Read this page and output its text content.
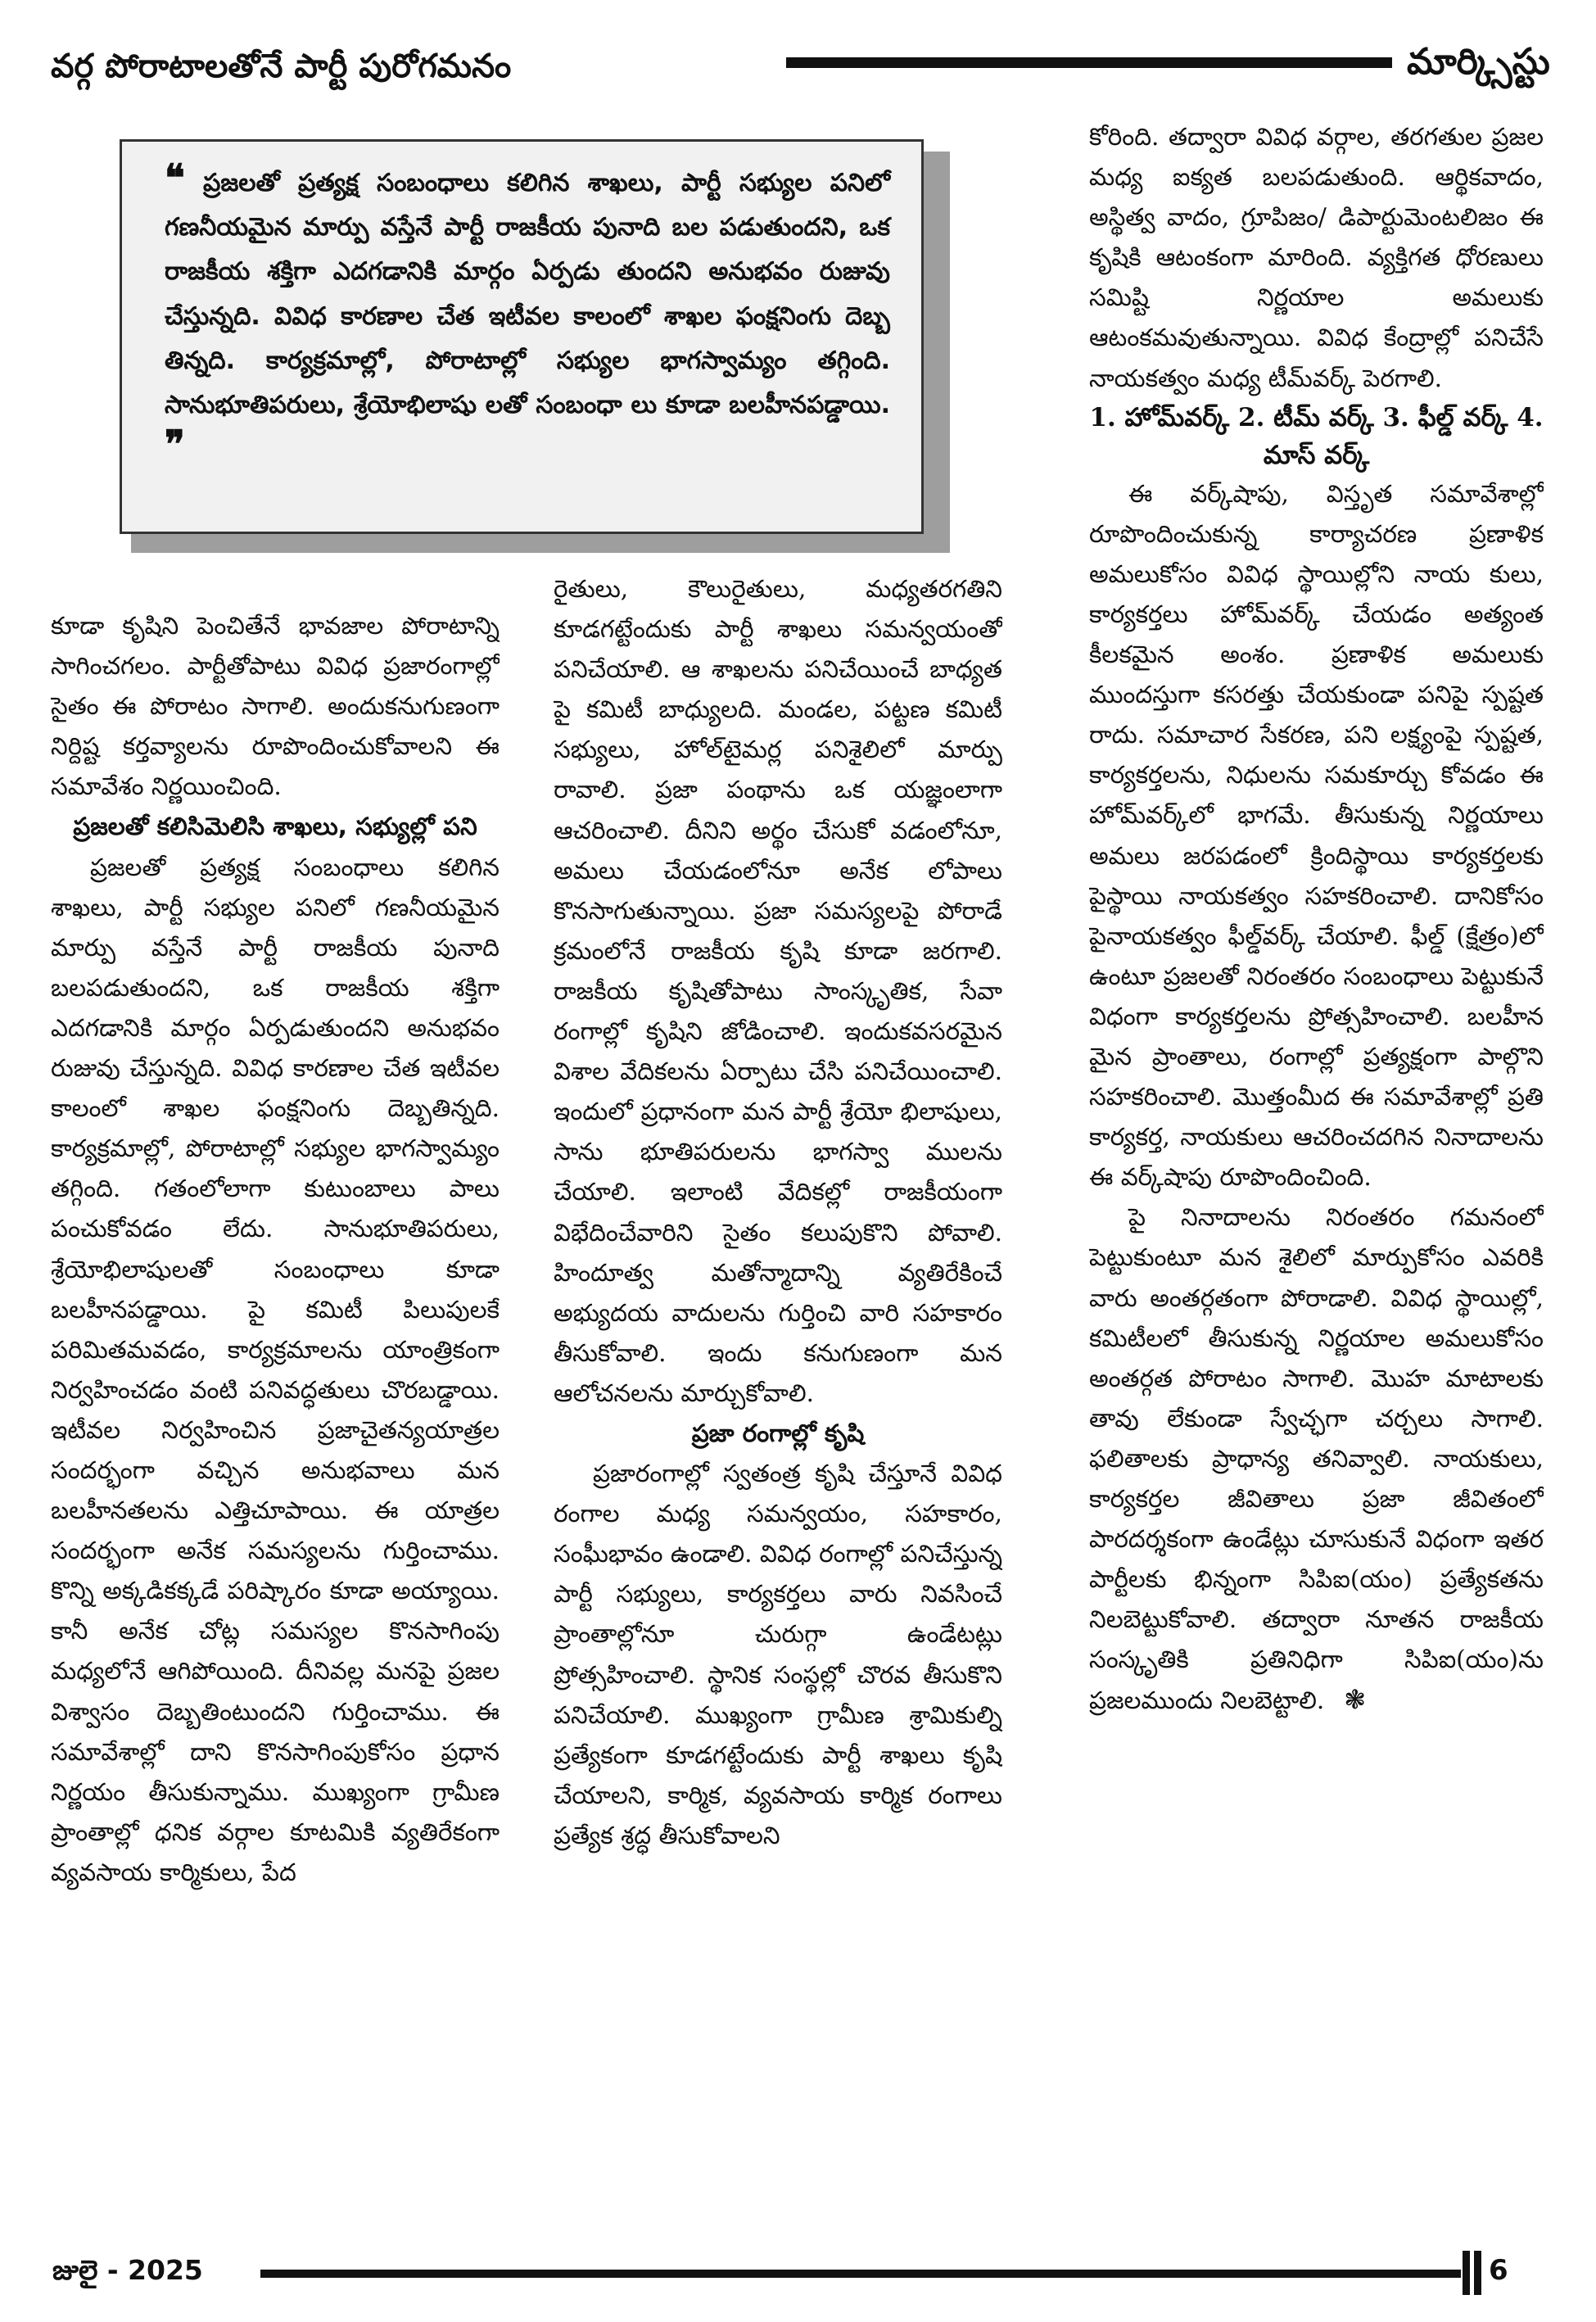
వర్గ పోరాటాలతోనే పార్టీ పురోగమనం	మార్క్సిస్టు
❝ ప్రజలతో ప్రత్యక్ష సంబంధాలు కలిగిన శాఖలు, పార్టీ సభ్యుల పనిలో గణనీయమైన మార్పు వస్తేనే పార్టీ రాజకీయ పునాది బల పడుతుందని, ఒక రాజకీయ శక్తిగా ఎదగడానికి మార్గం ఏర్పడు తుందని అనుభవం రుజువు చేస్తున్నది. వివిధ కారణాల చేత ఇటీవల కాలంలో శాఖల ఫంక్షనింగు దెబ్బ తిన్నది. కార్యక్రమాల్లో, పోరాటాల్లో సభ్యుల భాగస్వామ్యం తగ్గింది. సానుభూతిపరులు, శ్రేయోభిలాషు లతో సంబంధా లు కూడా బలహీనపడ్డాయి. ❞

కూడా కృషిని పెంచితేనే భావజాల పోరాటాన్ని సాగించగలం. పార్టీతోపాటు వివిధ ప్రజారంగాల్లో సైతం ఈ పోరాటం సాగాలి. అందుకనుగుణంగా నిర్దిష్ట కర్తవ్యాలను రూపొందించుకోవాలని ఈ సమావేశం నిర్ణయించింది.

ప్రజలతో కలిసిమెలిసి శాఖలు, సభ్యుల్లో పని

ప్రజలతో ప్రత్యక్ష సంబంధాలు కలిగిన శాఖలు, పార్టీ సభ్యుల పనిలో గణనీయమైన మార్పు వస్తేనే పార్టీ రాజకీయ పునాది బలపడుతుందని, ఒక రాజకీయ శక్తిగా ఎదగడానికి మార్గం ఏర్పడుతుందని అనుభవం రుజువు చేస్తున్నది. వివిధ కారణాల చేత ఇటీవల కాలంలో శాఖల ఫంక్షనింగు దెబ్బతిన్నది. కార్యక్రమాల్లో, పోరాటాల్లో సభ్యుల భాగస్వామ్యం తగ్గింది. గతంలోలాగా కుటుంబాలు పాలు పంచుకోవడం లేదు. సానుభూతిపరులు, శ్రేయోభిలాషులతో సంబంధాలు కూడా బలహీనపడ్డాయి. పై కమిటీ పిలుపులకే పరిమితమవడం, కార్యక్రమాలను యాంత్రికంగా నిర్వహించడం వంటి పనివద్ధతులు చొరబడ్డాయి. ఇటీవల నిర్వహించిన ప్రజాచైతన్యయాత్రల సందర్భంగా వచ్చిన అనుభవాలు మన బలహీనతలను ఎత్తిచూపాయి. ఈ యాత్రల సందర్భంగా అనేక సమస్యలను గుర్తించాము. కొన్ని అక్కడికక్కడే పరిష్కారం కూడా అయ్యాయి. కానీ అనేక చోట్ల సమస్యల కొనసాగింపు మధ్యలోనే ఆగిపోయింది. దీనివల్ల మనపై ప్రజల విశ్వాసం దెబ్బతింటుందని గుర్తించాము. ఈ సమావేశాల్లో దాని కొనసాగింపుకోసం ప్రధాన నిర్ణయం తీసుకున్నాము. ముఖ్యంగా గ్రామీణ ప్రాంతాల్లో ధనిక వర్గాల కూటమికి వ్యతిరేకంగా వ్యవసాయ కార్మికులు, పేద

రైతులు, కౌలురైతులు, మధ్యతరగతిని కూడగట్టేందుకు పార్టీ శాఖలు సమన్వయంతో పనిచేయాలి. ఆ శాఖలను పనిచేయించే బాధ్యత పై కమిటీ బాధ్యులది. మండల, పట్టణ కమిటీ సభ్యులు, హోల్‌టైమర్ల పనిశైలిలో మార్పు రావాలి. ప్రజా పంథాను ఒక యజ్ఞంలాగా ఆచరించాలి. దీనిని అర్థం చేసుకో వడంలోనూ, అమలు చేయడంలోనూ అనేక లోపాలు కొనసాగుతున్నాయి. ప్రజా సమస్యలపై పోరాడే క్రమంలోనే రాజకీయ కృషి కూడా జరగాలి. రాజకీయ కృషితోపాటు సాంస్కృతిక, సేవా రంగాల్లో కృషిని జోడించాలి. ఇందుకవసరమైన విశాల వేదికలను ఏర్పాటు చేసి పనిచేయించాలి. ఇందులో ప్రధానంగా మన పార్టీ శ్రేయో భిలాషులు, సాను భూతిపరులను భాగస్వా ములను చేయాలి. ఇలాంటి వేదికల్లో రాజకీయంగా విభేదించేవారిని సైతం కలుపుకొని పోవాలి. హిందూత్వ మతోన్మాదాన్ని వ్యతిరేకించే అభ్యుదయ వాదులను గుర్తించి వారి సహకారం తీసుకోవాలి. ఇందు కనుగుణంగా మన ఆలోచనలను మార్చుకోవాలి.

ప్రజా రంగాల్లో కృషి

ప్రజారంగాల్లో స్వతంత్ర కృషి చేస్తూనే వివిధ రంగాల మధ్య సమన్వయం, సహకారం, సంఘీభావం ఉండాలి. వివిధ రంగాల్లో పనిచేస్తున్న పార్టీ సభ్యులు, కార్యకర్తలు వారు నివసించే ప్రాంతాల్లోనూ చురుగ్గా ఉండేటట్లు ప్రోత్సహించాలి. స్థానిక సంస్థల్లో చొరవ తీసుకొని పనిచేయాలి. ముఖ్యంగా గ్రామీణ శ్రామికుల్ని ప్రత్యేకంగా కూడగట్టేందుకు పార్టీ శాఖలు కృషి చేయాలని, కార్మిక, వ్యవసాయ కార్మిక రంగాలు ప్రత్యేక శ్రద్ధ తీసుకోవాలని

కోరింది. తద్వారా వివిధ వర్గాల, తరగతుల ప్రజల మధ్య ఐక్యత బలపడుతుంది. ఆర్థికవాదం, అస్థిత్వ వాదం, గ్రూపిజం/ డిపార్టుమెంటలిజం ఈ కృషికి ఆటంకంగా మారింది. వ్యక్తిగత ధోరణులు సమిష్టి నిర్ణయాల అమలుకు ఆటంకమవుతున్నాయి. వివిధ కేంద్రాల్లో పనిచేసే నాయకత్వం మధ్య టీమ్‌వర్క్ పెరగాలి.

1. హోమ్‌వర్క్ 2. టీమ్ వర్క్ 3. ఫీల్డ్ వర్క్ 4. మాస్ వర్క్

ఈ వర్క్‌షాపు, విస్తృత సమావేశాల్లో రూపొందించుకున్న కార్యాచరణ ప్రణాళిక అమలుకోసం వివిధ స్థాయిల్లోని నాయ కులు, కార్యకర్తలు హోమ్‌వర్క్ చేయడం అత్యంత కీలకమైన అంశం. ప్రణాళిక అమలుకు ముందస్తుగా కసరత్తు చేయకుండా పనిపై స్పష్టత రాదు. సమాచార సేకరణ, పని లక్ష్యంపై స్పష్టత, కార్యకర్తలను, నిధులను సమకూర్చు కోవడం ఈ హోమ్‌వర్క్‌లో భాగమే. తీసుకున్న నిర్ణయాలు అమలు జరపడంలో క్రిందిస్థాయి కార్యకర్తలకు పైస్థాయి నాయకత్వం సహకరించాలి. దానికోసం పైనాయకత్వం ఫీల్డ్‌వర్క్ చేయాలి. ఫీల్డ్ (క్షేత్రం)లో ఉంటూ ప్రజలతో నిరంతరం సంబంధాలు పెట్టుకునే విధంగా కార్యకర్తలను ప్రోత్సహించాలి. బలహీన మైన ప్రాంతాలు, రంగాల్లో ప్రత్యక్షంగా పాల్గొని సహకరించాలి. మొత్తంమీద ఈ సమావేశాల్లో ప్రతి కార్యకర్త, నాయకులు ఆచరించదగిన నినాదాలను ఈ వర్క్‌షాపు రూపొందించింది.

పై నినాదాలను నిరంతరం గమనంలో పెట్టుకుంటూ మన శైలిలో మార్పుకోసం ఎవరికి వారు అంతర్గతంగా పోరాడాలి. వివిధ స్థాయిల్లో, కమిటీలలో తీసుకున్న నిర్ణయాల అమలుకోసం అంతర్గత పోరాటం సాగాలి. మొహ మాటాలకు తావు లేకుండా స్వేచ్ఛగా చర్చలు సాగాలి. ఫలితాలకు ప్రాధాన్య తనివ్వాలి. నాయకులు, కార్యకర్తల జీవితాలు ప్రజా జీవితంలో పారదర్శకంగా ఉండేట్లు చూసుకునే విధంగా ఇతర పార్టీలకు భిన్నంగా సిపిఐ(యం) ప్రత్యేకతను నిలబెట్టుకోవాలి. తద్వారా నూతన రాజకీయ సంస్కృతికి ప్రతినిధిగా సిపిఐ(యం)ను ప్రజలముందు నిలబెట్టాలి. ❃

జులై - 2025	6
